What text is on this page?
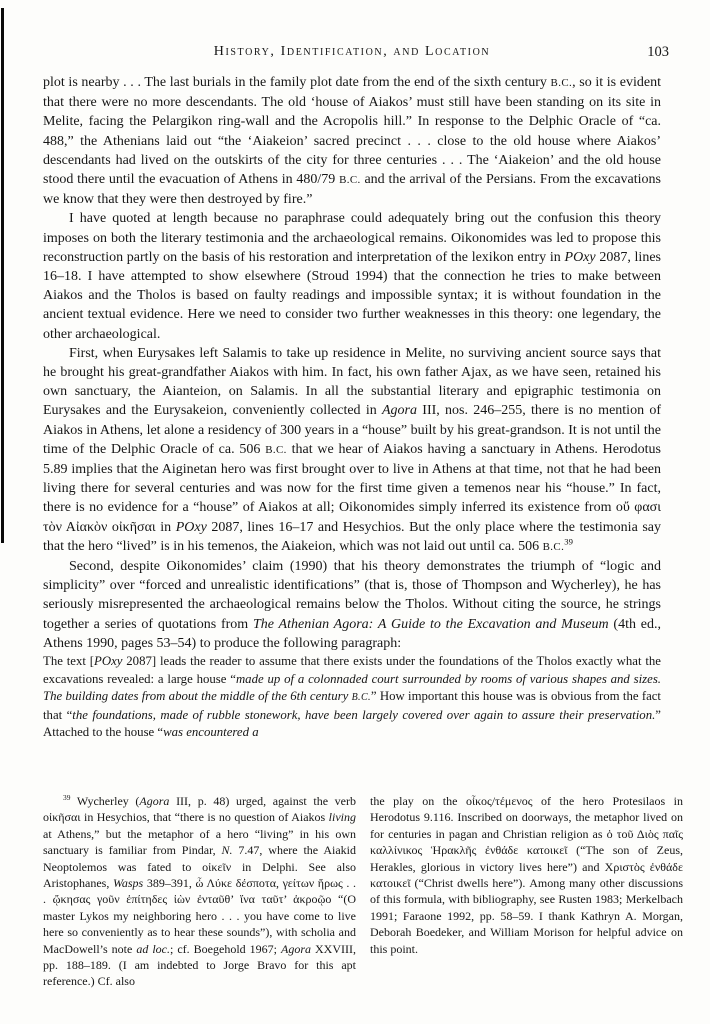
History, Identification, and Location	103

plot is nearby . . . The last burials in the family plot date from the end of the sixth century B.C., so it is evident that there were no more descendants. The old ‘house of Aiakos’ must still have been standing on its site in Melite, facing the Pelargikon ring-wall and the Acropolis hill.” In response to the Delphic Oracle of “ca. 488,” the Athenians laid out “the ‘Aiakeion’ sacred precinct . . . close to the old house where Aiakos’ descendants had lived on the outskirts of the city for three centuries . . . The ‘Aiakeion’ and the old house stood there until the evacuation of Athens in 480/79 B.C. and the arrival of the Persians. From the excavations we know that they were then destroyed by fire.”

I have quoted at length because no paraphrase could adequately bring out the confusion this theory imposes on both the literary testimonia and the archaeological remains. Oikonomides was led to propose this reconstruction partly on the basis of his restoration and interpretation of the lexikon entry in POxy 2087, lines 16–18. I have attempted to show elsewhere (Stroud 1994) that the connection he tries to make between Aiakos and the Tholos is based on faulty readings and impossible syntax; it is without foundation in the ancient textual evidence. Here we need to consider two further weaknesses in this theory: one legendary, the other archaeological.

First, when Eurysakes left Salamis to take up residence in Melite, no surviving ancient source says that he brought his great-grandfather Aiakos with him. In fact, his own father Ajax, as we have seen, retained his own sanctuary, the Aianteion, on Salamis. In all the substantial literary and epigraphic testimonia on Eurysakes and the Eurysakeion, conveniently collected in Agora III, nos. 246–255, there is no mention of Aiakos in Athens, let alone a residency of 300 years in a “house” built by his great-grandson. It is not until the time of the Delphic Oracle of ca. 506 B.C. that we hear of Aiakos having a sanctuary in Athens. Herodotus 5.89 implies that the Aiginetan hero was first brought over to live in Athens at that time, not that he had been living there for several centuries and was now for the first time given a temenos near his “house.” In fact, there is no evidence for a “house” of Aiakos at all; Oikonomides simply inferred its existence from οὔ φασι τὸν Αἰακὸν οἰκῆσαι in POxy 2087, lines 16–17 and Hesychios. But the only place where the testimonia say that the hero “lived” is in his temenos, the Aiakeion, which was not laid out until ca. 506 B.C.$^{39}$

Second, despite Oikonomides’ claim (1990) that his theory demonstrates the triumph of “logic and simplicity” over “forced and unrealistic identifications” (that is, those of Thompson and Wycherley), he has seriously misrepresented the archaeological remains below the Tholos. Without citing the source, he strings together a series of quotations from The Athenian Agora: A Guide to the Excavation and Museum (4th ed., Athens 1990, pages 53–54) to produce the following paragraph:

The text [POxy 2087] leads the reader to assume that there exists under the foundations of the Tholos exactly what the excavations revealed: a large house “made up of a colonnaded court surrounded by rooms of various shapes and sizes. The building dates from about the middle of the 6th century B.C.” How important this house was is obvious from the fact that “the foundations, made of rubble stonework, have been largely covered over again to assure their preservation.” Attached to the house “was encountered a

$^{39}$ Wycherley (Agora III, p. 48) urged, against the verb οἰκῆσαι in Hesychios, that “there is no question of Aiakos living at Athens,” but the metaphor of a hero “living” in his own sanctuary is familiar from Pindar, N. 7.47, where the Aiakid Neoptolemos was fated to οἰκεῖν in Delphi. See also Aristophanes, Wasps 389–391, ὦ Λύκε δέσποτα, γείτων ἥρως . . . ᾤκησας γοῦν ἐπίτηδες ἰὼν ἐνταῦθ’ ἵνα ταῦτ’ ἀκροῷο “(O master Lykos my neighboring hero . . . you have come to live here so conveniently as to hear these sounds”), with scholia and MacDowell’s note ad loc.; cf. Boegehold 1967; Agora XXVIII, pp. 188–189. (I am indebted to Jorge Bravo for this apt reference.) Cf. also
the play on the οἶκος/τέμενος of the hero Protesilaos in Herodotus 9.116. Inscribed on doorways, the metaphor lived on for centuries in pagan and Christian religion as ὁ τοῦ Διὸς παῖς καλλίνικος Ἡρακλῆς ἐνθάδε κατοικεῖ (“The son of Zeus, Herakles, glorious in victory lives here”) and Χριστὸς ἐνθάδε κατοικεῖ (“Christ dwells here”). Among many other discussions of this formula, with bibliography, see Rusten 1983; Merkelbach 1991; Faraone 1992, pp. 58–59. I thank Kathryn A. Morgan, Deborah Boedeker, and William Morison for helpful advice on this point.
